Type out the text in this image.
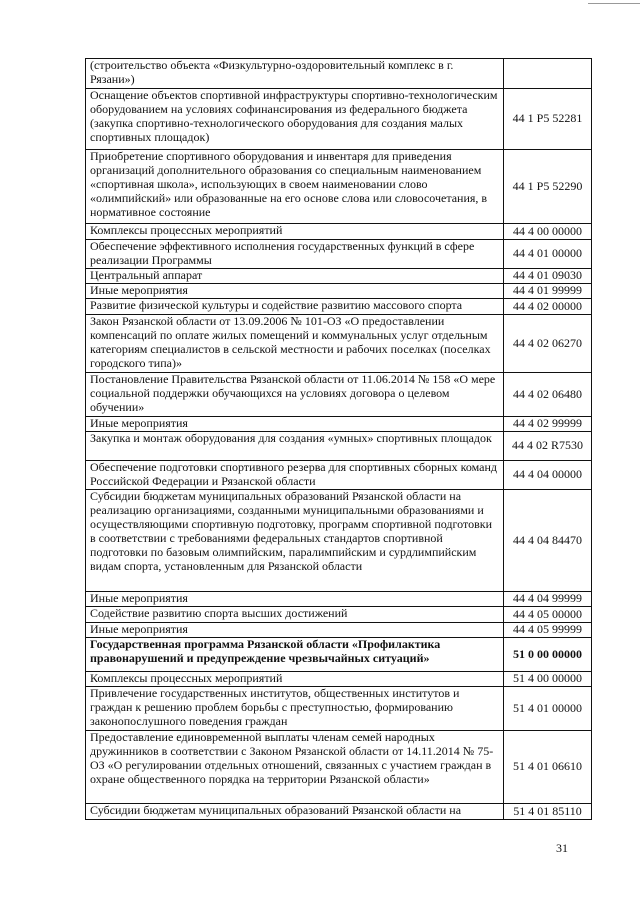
(строительство объекта «Физкультурно-оздоровительный комплекс в г. Рязани»)	
Оснащение объектов спортивной инфраструктуры спортивно-технологическим оборудованием на условиях софинансирования из федерального бюджета (закупка спортивно-технологического оборудования для создания малых спортивных площадок)	44 1 Р5 52281
Приобретение спортивного оборудования и инвентаря для приведения организаций дополнительного образования со специальным наименованием «спортивная школа», использующих в своем наименовании слово «олимпийский» или образованные на его основе слова или словосочетания, в нормативное состояние	44 1 Р5 52290
Комплексы процессных мероприятий	44 4 00 00000
Обеспечение эффективного исполнения государственных функций в сфере реализации Программы	44 4 01 00000
Центральный аппарат	44 4 01 09030
Иные мероприятия	44 4 01 99999
Развитие физической культуры и содействие развитию массового спорта	44 4 02 00000
Закон Рязанской области от 13.09.2006 № 101-ОЗ «О предоставлении компенсаций по оплате жилых помещений и коммунальных услуг отдельным категориям специалистов в сельской местности и рабочих поселках (поселках городского типа)»	44 4 02 06270
Постановление Правительства Рязанской области от 11.06.2014 № 158 «О мере социальной поддержки обучающихся на условиях договора о целевом обучении»	44 4 02 06480
Иные мероприятия	44 4 02 99999
Закупка и монтаж оборудования для создания «умных» спортивных площадок	44 4 02 R7530
Обеспечение подготовки спортивного резерва для спортивных сборных команд Российской Федерации и Рязанской области	44 4 04 00000
Субсидии бюджетам муниципальных образований Рязанской области на реализацию организациями, созданными муниципальными образованиями и осуществляющими спортивную подготовку, программ спортивной подготовки в соответствии с требованиями федеральных стандартов спортивной подготовки по базовым олимпийским, паралимпийским и сурдлимпийским видам спорта, установленным для Рязанской области	44 4 04 84470
Иные мероприятия	44 4 04 99999
Содействие развитию спорта высших достижений	44 4 05 00000
Иные мероприятия	44 4 05 99999
Государственная программа Рязанской области «Профилактика правонарушений и предупреждение чрезвычайных ситуаций»	51 0 00 00000
Комплексы процессных мероприятий	51 4 00 00000
Привлечение государственных институтов, общественных институтов и граждан к решению проблем борьбы с преступностью, формированию законопослушного поведения граждан	51 4 01 00000
Предоставление единовременной выплаты членам семей народных дружинников в соответствии с Законом Рязанской области от 14.11.2014 № 75-ОЗ «О регулировании отдельных отношений, связанных с участием граждан в охране общественного порядка на территории Рязанской области»	51 4 01 06610
Субсидии бюджетам муниципальных образований Рязанской области на	51 4 01 85110
31
